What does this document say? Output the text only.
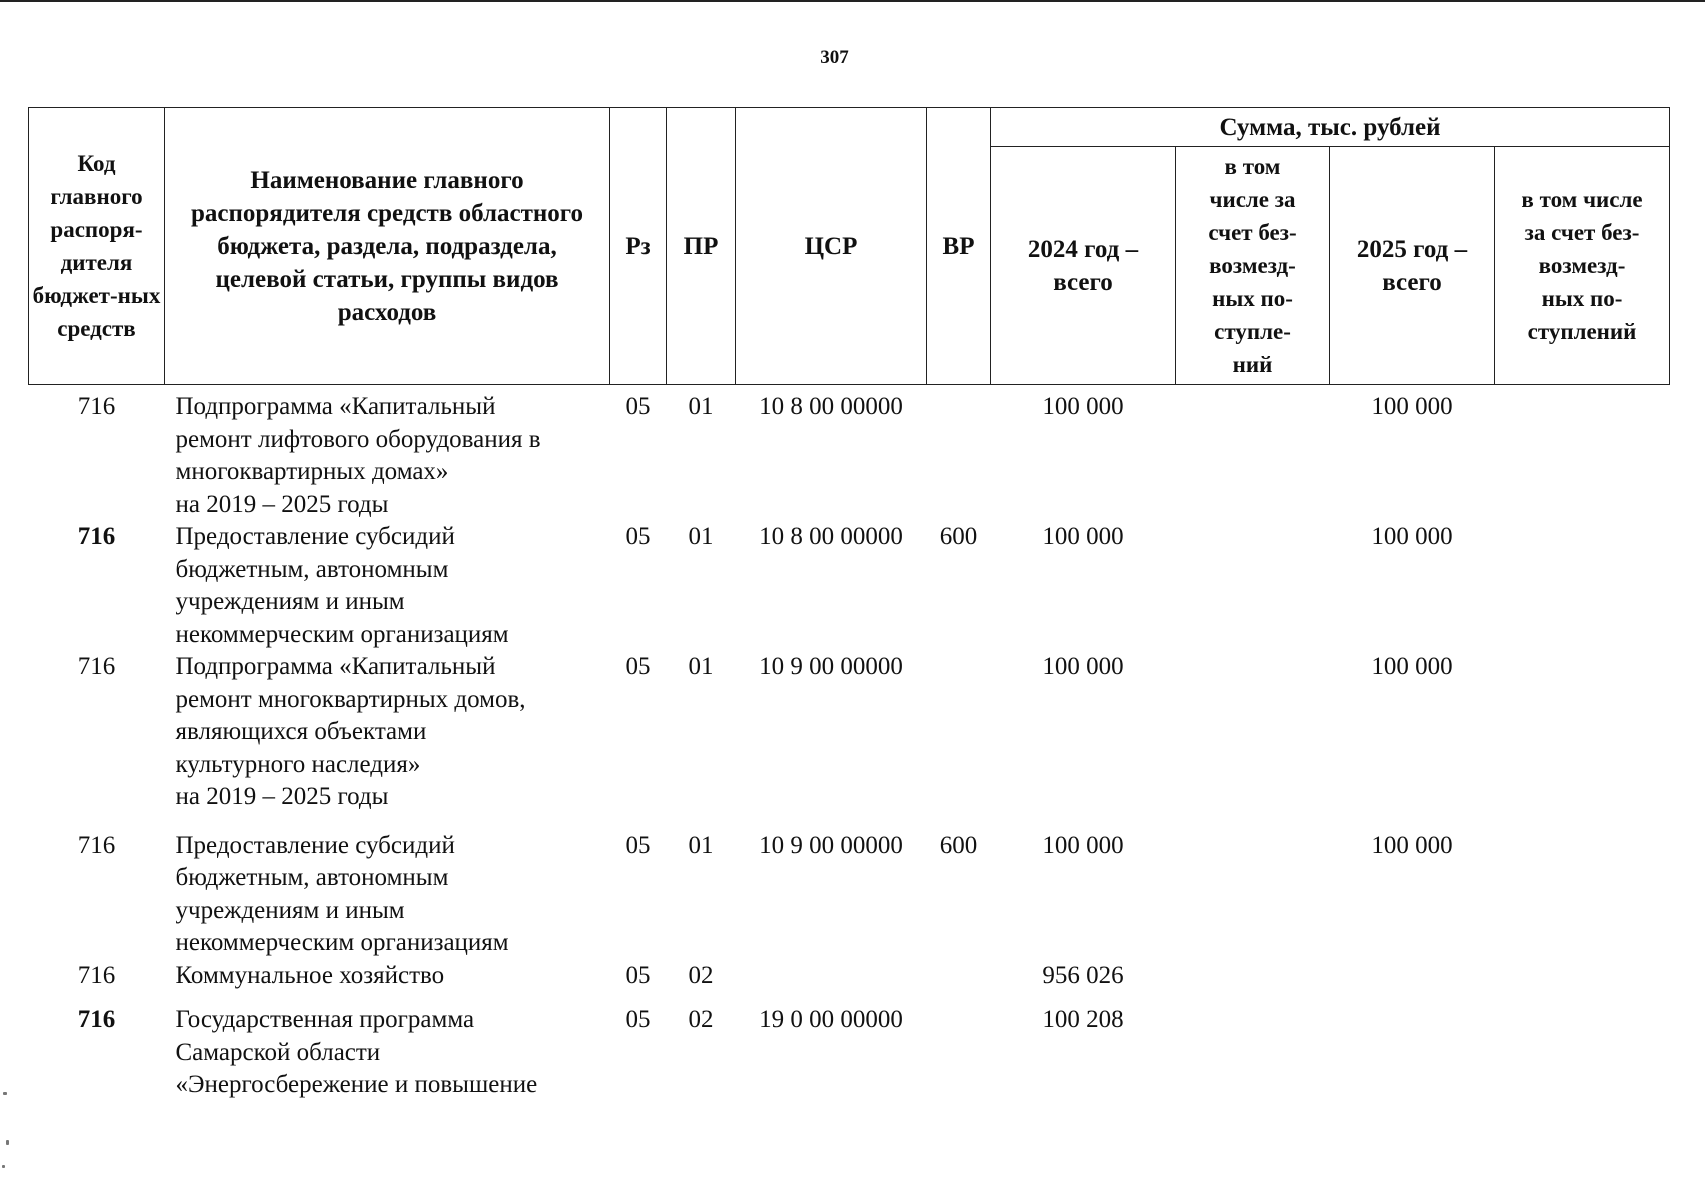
307
Код главного распоря-дителя бюджет-ных средств	Наименование главного распорядителя средств областного бюджета, раздела, подраздела, целевой статьи, группы видов расходов	Рз	ПР	ЦСР	ВР	Сумма, тыс. рублей			
						2024 год – всего	в том числе за счет без-возмезд-ных по-ступле-ний	2025 год – всего	в том числе за счет без-возмезд-ных по-ступлений
716	Подпрограмма «Капитальный
ремонт лифтового оборудования в
многоквартирных домах»
на 2019 – 2025 годы	05	01	10 8 00 00000		100 000		100 000	
716	Предоставление субсидий
бюджетным, автономным
учреждениям и иным
некоммерческим организациям	05	01	10 8 00 00000	600	100 000		100 000	
716	Подпрограмма «Капитальный
ремонт многоквартирных домов,
являющихся объектами
культурного наследия»
на 2019 – 2025 годы	05	01	10 9 00 00000		100 000		100 000	
716	Предоставление субсидий
бюджетным, автономным
учреждениям и иным
некоммерческим организациям	05	01	10 9 00 00000	600	100 000		100 000	
716	Коммунальное хозяйство	05	02			956 026			
716	Государственная программа
Самарской области
«Энергосбережение и повышение	05	02	19 0 00 00000		100 208			
